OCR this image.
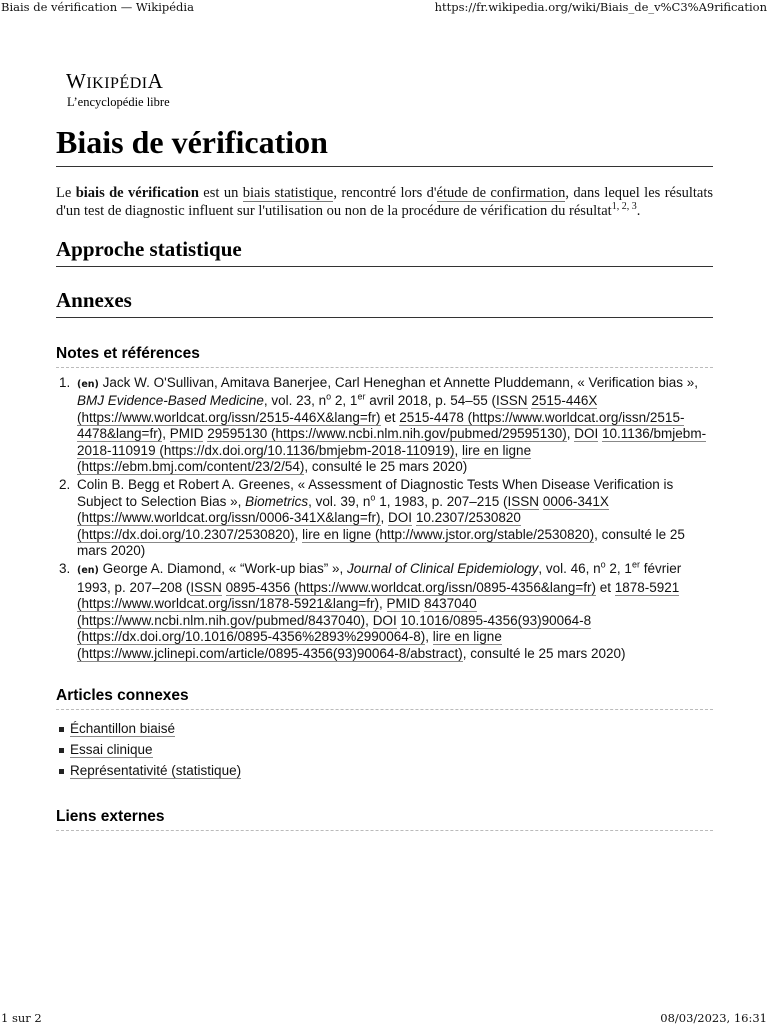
Biais de vérification — Wikipédia	https://fr.wikipedia.org/wiki/Biais_de_v%C3%A9rification
WIKIPÉDIA
L’encyclopédie libre
Biais de vérification

Le biais de vérification est un biais statistique, rencontré lors d'étude de confirmation, dans lequel les résultats d'un test de diagnostic influent sur l'utilisation ou non de la procédure de vérification du résultat$^{1, 2, 3}$.

Approche statistique
Annexes
Notes et références
1. (en) Jack W. O'Sullivan, Amitava Banerjee, Carl Heneghan et Annette Pluddemann, « Verification bias », BMJ Evidence-Based Medicine, vol. 23, $n^o$ 2, 1er avril 2018, p. 54–55 (ISSN 2515-446X (https://www.worldcat.org/issn/2515-446X&lang=fr) et 2515-4478 (https://www.worldcat.org/issn/2515-4478&lang=fr), PMID 29595130 (https://www.ncbi.nlm.nih.gov/pubmed/29595130), DOI 10.1136/bmjebm-2018-110919 (https://dx.doi.org/10.1136/bmjebm-2018-110919), lire en ligne (https://ebm.bmj.com/content/23/2/54), consulté le 25 mars 2020)
2. Colin B. Begg et Robert A. Greenes, « Assessment of Diagnostic Tests When Disease Verification is Subject to Selection Bias », Biometrics, vol. 39, $n^o$ 1, 1983, p. 207–215 (ISSN 0006-341X (https://www.worldcat.org/issn/0006-341X&lang=fr), DOI 10.2307/2530820 (https://dx.doi.org/10.2307/2530820), lire en ligne (http://www.jstor.org/stable/2530820), consulté le 25 mars 2020)
3. (en) George A. Diamond, « “Work-up bias” », Journal of Clinical Epidemiology, vol. 46, $n^o$ 2, 1er février 1993, p. 207–208 (ISSN 0895-4356 (https://www.worldcat.org/issn/0895-4356&lang=fr) et 1878-5921 (https://www.worldcat.org/issn/1878-5921&lang=fr), PMID 8437040 (https://www.ncbi.nlm.nih.gov/pubmed/8437040), DOI 10.1016/0895-4356(93)90064-8 (https://dx.doi.org/10.1016/0895-4356%2893%2990064-8), lire en ligne (https://www.jclinepi.com/article/0895-4356(93)90064-8/abstract), consulté le 25 mars 2020)
Articles connexes
Échantillon biaisé
Essai clinique
Représentativité (statistique)
Liens externes
1 sur 2	08/03/2023, 16:31
